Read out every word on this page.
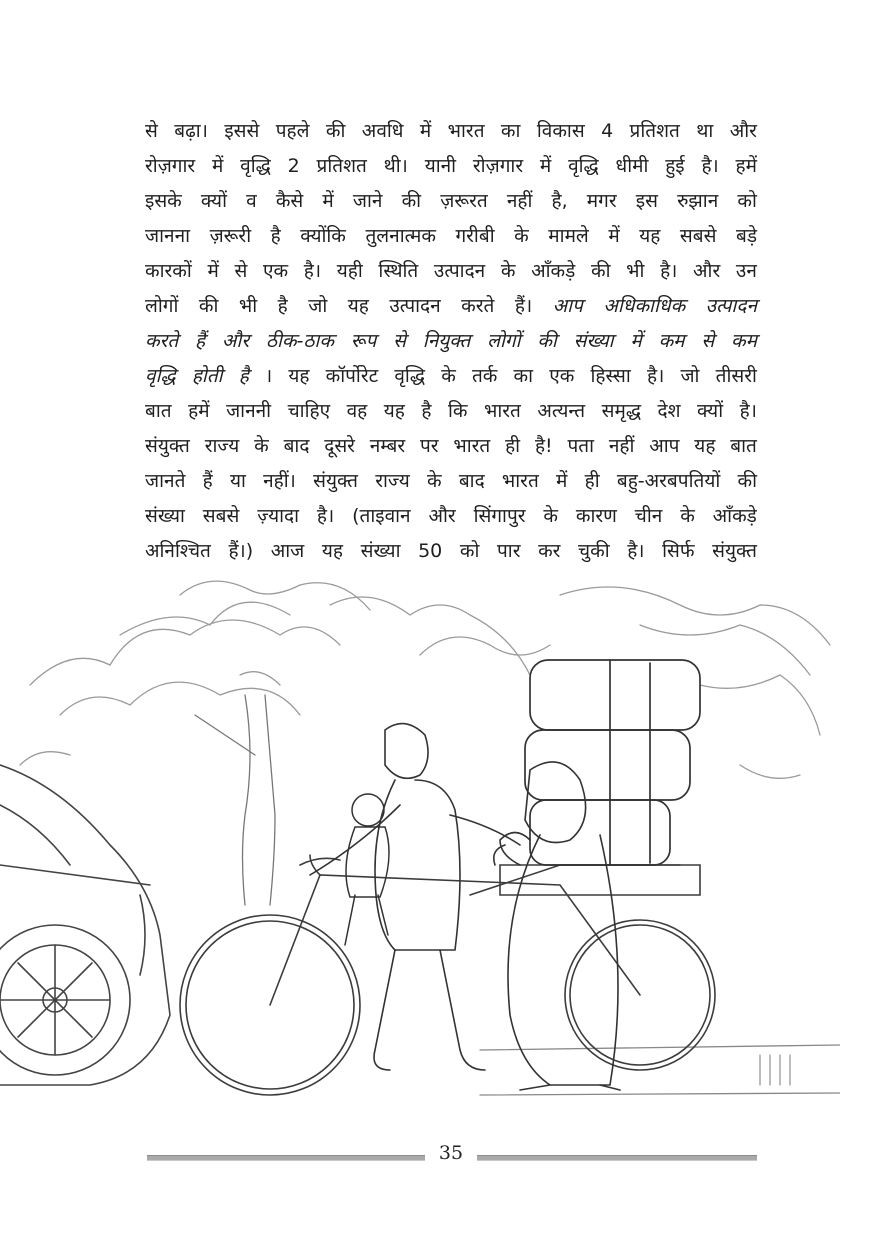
से बढ़ा। इससे पहले की अवधि में भारत का विकास 4 प्रतिशत था और
रोज़गार में वृद्धि 2 प्रतिशत थी। यानी रोज़गार में वृद्धि धीमी हुई है। हमें
इसके क्यों व कैसे में जाने की ज़रूरत नहीं है, मगर इस रुझान को
जानना ज़रूरी है क्योंकि तुलनात्मक गरीबी के मामले में यह सबसे बड़े
कारकों में से एक है। यही स्थिति उत्पादन के आँकड़े की भी है। और उन
लोगों की भी है जो यह उत्पादन करते हैं। आप अधिकाधिक उत्पादन
करते हैं और ठीक-ठाक रूप से नियुक्त लोगों की संख्या में कम से कम
वृद्धि होती है । यह कॉर्पोरेट वृद्धि के तर्क का एक हिस्सा है। जो तीसरी
बात हमें जाननी चाहिए वह यह है कि भारत अत्यन्त समृद्ध देश क्यों है।
संयुक्त राज्य के बाद दूसरे नम्बर पर भारत ही है! पता नहीं आप यह बात
जानते हैं या नहीं। संयुक्त राज्य के बाद भारत में ही बहु-अरबपतियों की
संख्या सबसे ज़्यादा है। (ताइवान और सिंगापुर के कारण चीन के आँकड़े
अनिश्चित हैं।) आज यह संख्या 50 को पार कर चुकी है। सिर्फ संयुक्त
35
